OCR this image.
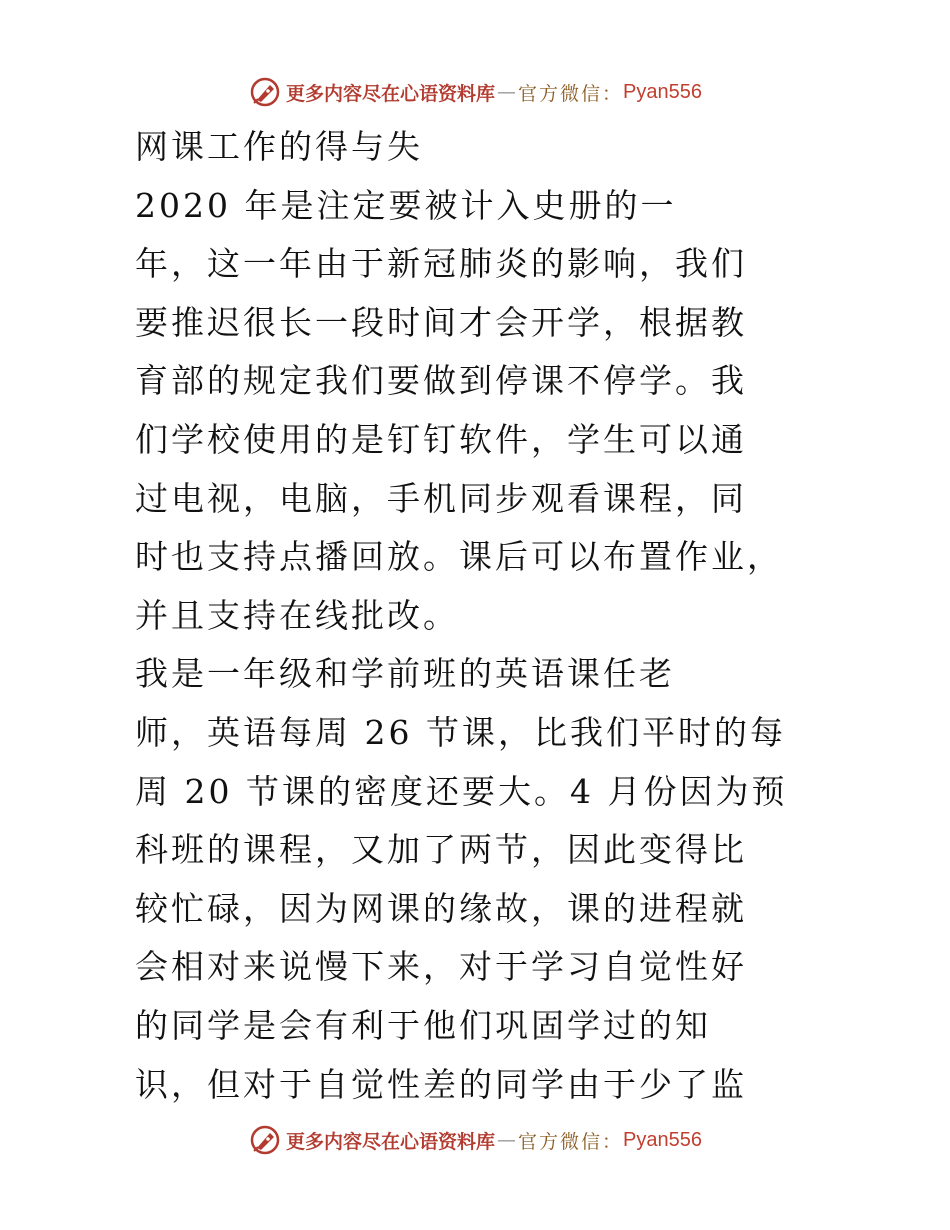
更多内容尽在心语资料库 — 官方微信： Pyan556
网课工作的得与失
2020 年是注定要被计入史册的一
年，这一年由于新冠肺炎的影响，我们
要推迟很长一段时间才会开学，根据教
育部的规定我们要做到停课不停学。我
们学校使用的是钉钉软件，学生可以通
过电视，电脑，手机同步观看课程，同
时也支持点播回放。课后可以布置作业，
并且支持在线批改。
我是一年级和学前班的英语课任老
师，英语每周 26 节课，比我们平时的每
周 20 节课的密度还要大。4 月份因为预
科班的课程，又加了两节，因此变得比
较忙碌，因为网课的缘故，课的进程就
会相对来说慢下来，对于学习自觉性好
的同学是会有利于他们巩固学过的知
识，但对于自觉性差的同学由于少了监
更多内容尽在心语资料库 — 官方微信： Pyan556
